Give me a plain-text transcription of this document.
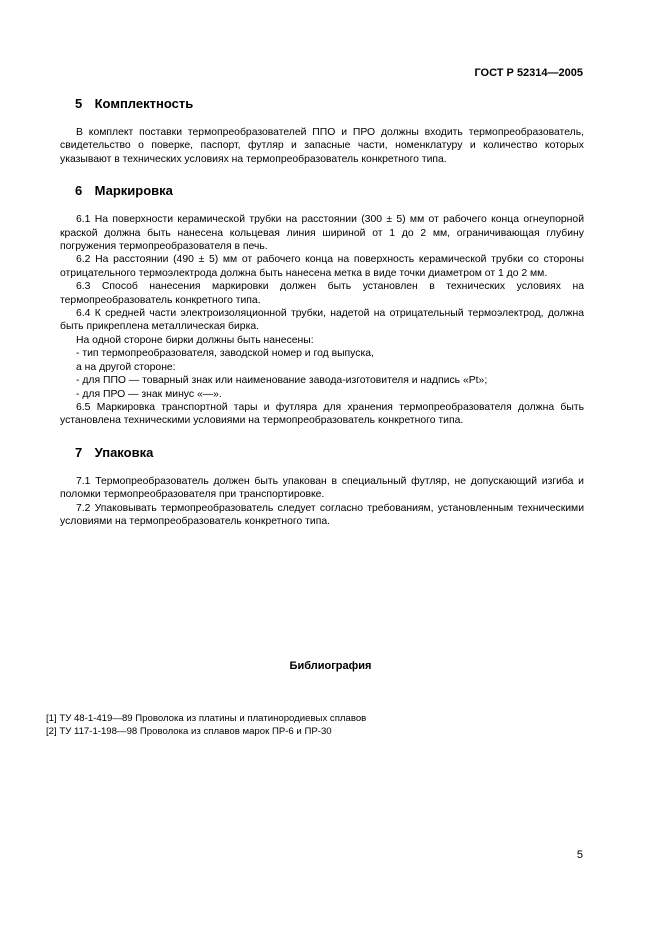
ГОСТ Р 52314—2005
5 Комплектность

В комплект поставки термопреобразователей ППО и ПРО должны входить термопреобразователь, свидетельство о поверке, паспорт, футляр и запасные части, номенклатуру и количество которых указывают в технических условиях на термопреобразователь конкретного типа.

6 Маркировка

6.1 На поверхности керамической трубки на расстоянии (300 ± 5) мм от рабочего конца огнеупорной краской должна быть нанесена кольцевая линия шириной от 1 до 2 мм, ограничивающая глубину погружения термопреобразователя в печь.

6.2 На расстоянии (490 ± 5) мм от рабочего конца на поверхность керамической трубки со стороны отрицательного термоэлектрода должна быть нанесена метка в виде точки диаметром от 1 до 2 мм.

6.3 Способ нанесения маркировки должен быть установлен в технических условиях на термопреобразователь конкретного типа.

6.4 К средней части электроизоляционной трубки, надетой на отрицательный термоэлектрод, должна быть прикреплена металлическая бирка.

На одной стороне бирки должны быть нанесены:

- тип термопреобразователя, заводской номер и год выпуска,

а на другой стороне:

- для ППО — товарный знак или наименование завода-изготовителя и надпись «Pt»;

- для ПРО — знак минус «—».

6.5 Маркировка транспортной тары и футляра для хранения термопреобразователя должна быть установлена техническими условиями на термопреобразователь конкретного типа.

7 Упаковка

7.1 Термопреобразователь должен быть упакован в специальный футляр, не допускающий изгиба и поломки термопреобразователя при транспортировке.

7.2 Упаковывать термопреобразователь следует согласно требованиям, установленным техническими условиями на термопреобразователь конкретного типа.

Библиография
[1] ТУ 48-1-419—89 Проволока из платины и платинородиевых сплавов
[2] ТУ 117-1-198—98 Проволока из сплавов марок ПР-6 и ПР-30
5
